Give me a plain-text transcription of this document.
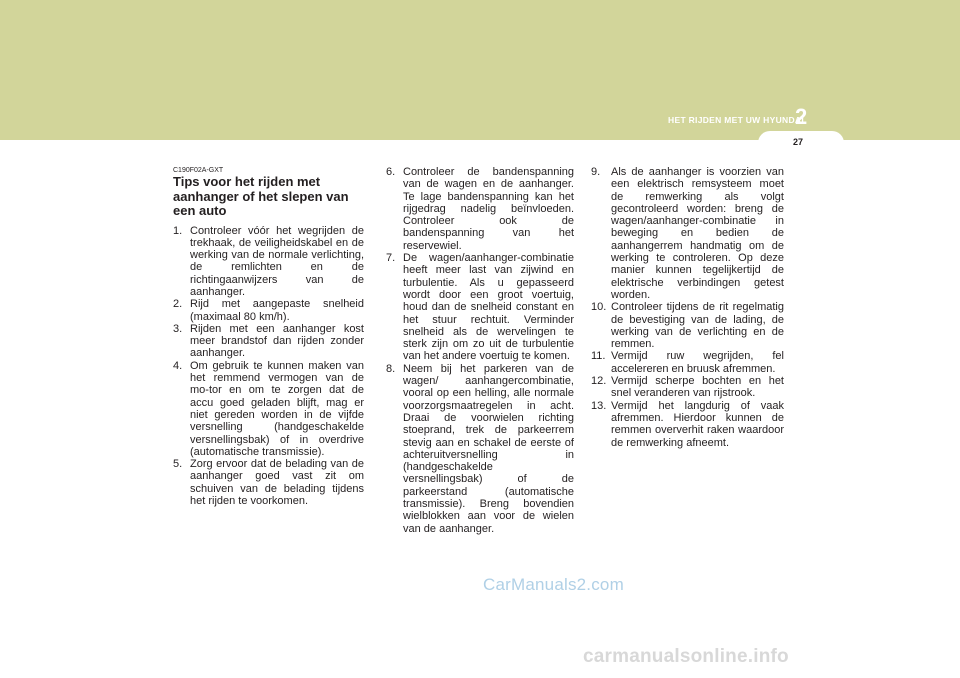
HET RIJDEN MET UW HYUNDAI
2
27
C190F02A-GXT
Tips voor het rijden met aanhanger of het slepen van een auto
1. Controleer vóór het wegrijden de trekhaak, de veiligheidskabel en de werking van de normale verlichting, de remlichten en de richtingaanwijzers van de aanhanger.
2. Rijd met aangepaste snelheid (maximaal 80 km/h).
3. Rijden met een aanhanger kost meer brandstof dan rijden zonder aanhanger.
4. Om gebruik te kunnen maken van het remmend vermogen van de mo-tor en om te zorgen dat de accu goed geladen blijft, mag er niet gereden worden in de vijfde versnelling (handgeschakelde versnellingsbak) of in overdrive (automatische transmissie).
5. Zorg ervoor dat de belading van de aanhanger goed vast zit om schuiven van de belading tijdens het rijden te voorkomen.
6. Controleer de bandenspanning van de wagen en de aanhanger. Te lage bandenspanning kan het rijgedrag nadelig beïnvloeden. Controleer ook de bandenspanning van het reservewiel.
7. De wagen/aanhanger-combinatie heeft meer last van zijwind en turbulentie. Als u gepasseerd wordt door een groot voertuig, houd dan de snelheid constant en het stuur rechtuit. Verminder snelheid als de wervelingen te sterk zijn om zo uit de turbulentie van het andere voertuig te komen.
8. Neem bij het parkeren van de wagen/ aanhangercombinatie, vooral op een helling, alle normale voorzorgsmaatregelen in acht. Draai de voorwielen richting stoeprand, trek de parkeerrem stevig aan en schakel de eerste of achteruitversnelling in (handgeschakelde versnellingsbak) of de parkeerstand (automatische transmissie). Breng bovendien wielblokken aan voor de wielen van de aanhanger.
9. Als de aanhanger is voorzien van een elektrisch remsysteem moet de remwerking als volgt gecontroleerd worden: breng de wagen/aanhanger-combinatie in beweging en bedien de aanhangerrem handmatig om de werking te controleren. Op deze manier kunnen tegelijkertijd de elektrische verbindingen getest worden.
10. Controleer tijdens de rit regelmatig de bevestiging van de lading, de werking van de verlichting en de remmen.
11. Vermijd ruw wegrijden, fel accelereren en bruusk afremmen.
12. Vermijd scherpe bochten en het snel veranderen van rijstrook.
13. Vermijd het langdurig of vaak afremmen. Hierdoor kunnen de remmen oververhit raken waardoor de remwerking afneemt.
CarManuals2.com
carmanualsonline.info
